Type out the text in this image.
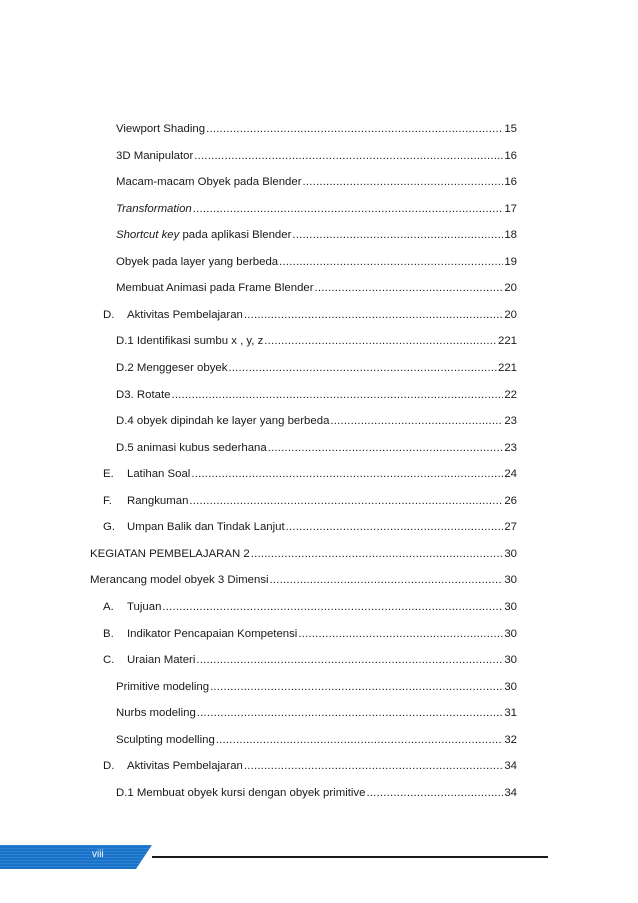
Viewport Shading .....	15
3D Manipulator .....	16
Macam-macam Obyek pada Blender .....	16
Transformation .....	17
Shortcut key pada aplikasi Blender .....	18
Obyek pada layer yang berbeda .....	19
Membuat Animasi pada Frame Blender .....	20
D.	Aktivitas Pembelajaran .....	20
D.1 Identifikasi sumbu x , y, z .....	221
D.2 Menggeser obyek .....	221
D3. Rotate .....	22
D.4 obyek dipindah ke layer yang berbeda .....	23
D.5 animasi kubus sederhana .....	23
E.	Latihan Soal .....	24
F.	Rangkuman .....	26
G.	Umpan Balik dan Tindak Lanjut .....	27
KEGIATAN PEMBELAJARAN 2 .....	30
Merancang model obyek 3 Dimensi .....	30
A.	Tujuan .....	30
B.	Indikator Pencapaian Kompetensi .....	30
C.	Uraian Materi .....	30
Primitive modeling .....	30
Nurbs modeling .....	31
Sculpting modelling .....	32
D.	Aktivitas Pembelajaran .....	34
D.1 Membuat obyek kursi dengan obyek primitive .....	34
viii
